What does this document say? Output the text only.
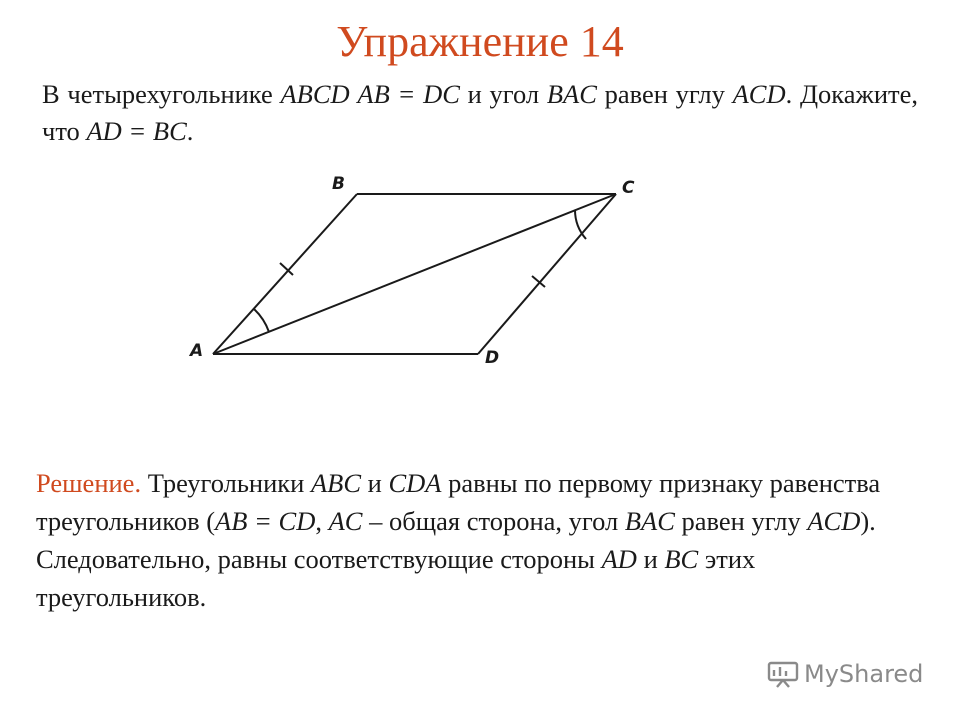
Упражнение 14
В четырехугольнике ABCD AB = DC и угол BAC равен углу ACD. Докажите, что AD = BC.
B	C
A	D
Решение. Треугольники ABC и CDA равны по первому признаку равенства треугольников (AB = CD, AC – общая сторона, угол BAC равен углу ACD). Следовательно, равны соответствующие стороны AD и BC этих треугольников.
MyShared
